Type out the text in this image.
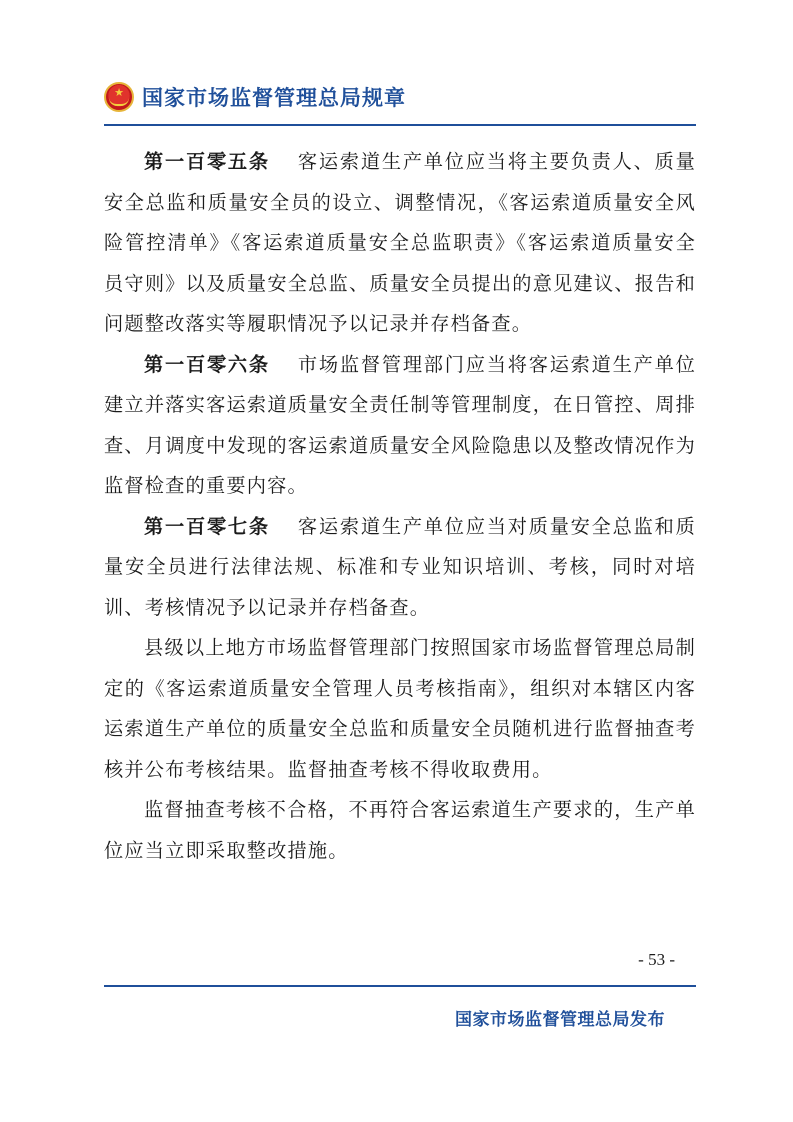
★ 国家市场监督管理总局规章

第一百零五条 客运索道生产单位应当将主要负责人、质量安全总监和质量安全员的设立、调整情况，《客运索道质量安全风险管控清单》《客运索道质量安全总监职责》《客运索道质量安全员守则》以及质量安全总监、质量安全员提出的意见建议、报告和问题整改落实等履职情况予以记录并存档备查。

第一百零六条 市场监督管理部门应当将客运索道生产单位建立并落实客运索道质量安全责任制等管理制度，在日管控、周排查、月调度中发现的客运索道质量安全风险隐患以及整改情况作为监督检查的重要内容。

第一百零七条 客运索道生产单位应当对质量安全总监和质量安全员进行法律法规、标准和专业知识培训、考核，同时对培训、考核情况予以记录并存档备查。

县级以上地方市场监督管理部门按照国家市场监督管理总局制定的《客运索道质量安全管理人员考核指南》，组织对本辖区内客运索道生产单位的质量安全总监和质量安全员随机进行监督抽查考核并公布考核结果。监督抽查考核不得收取费用。

监督抽查考核不合格，不再符合客运索道生产要求的，生产单位应当立即采取整改措施。

- 53 -
国家市场监督管理总局发布
